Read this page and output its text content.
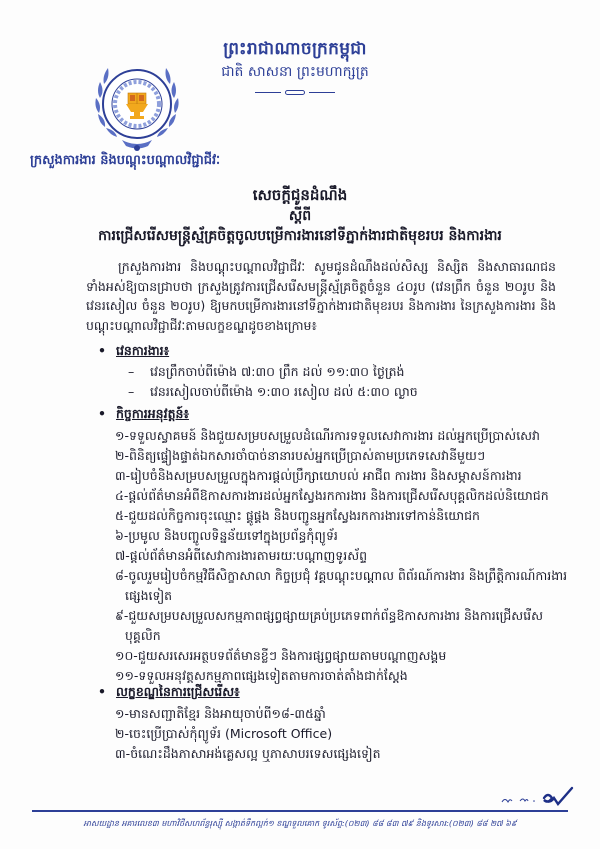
ព្រះរាជាណាចក្រកម្ពុជា
ជាតិ សាសនា ព្រះមហាក្សត្រ
ក្រសួងការងារ និងបណ្តុះបណ្តាលវិជ្ជាជីវៈ
សេចក្តីជូនដំណឹង
ស្តីពី
ការជ្រើសរើសមន្ត្រីស្ម័គ្រចិត្តចូលបម្រើការងារនៅទីភ្នាក់ងារជាតិមុខរបរ និងការងារ
ក្រសួងការងារ និងបណ្តុះបណ្តាលវិជ្ជាជីវៈ សូមជូនដំណឹងដល់សិស្ស និស្សិត និងសាធារណជនទាំងអស់ឱ្យបានជ្រាបថា ក្រសួងត្រូវការជ្រើសរើសមន្ត្រីស្ម័គ្រចិត្តចំនួន ៤០រូប (វេនព្រឹក ចំនួន ២០រូប និង វេនរសៀល ចំនួន ២០រូប) ឱ្យមកបម្រើការងារនៅទីភ្នាក់ងារជាតិមុខរបរ និងការងារ នៃក្រសួងការងារ និង បណ្តុះបណ្តាលវិជ្ជាជីវៈតាមលក្ខខណ្ឌដូចខាងក្រោម៖
• វេនការងារ៖
– វេនព្រឹកចាប់ពីម៉ោង ៧:៣០ ព្រឹក ដល់ ១១:៣០ ថ្ងៃត្រង់
– វេនរសៀលចាប់ពីម៉ោង ១:៣០ រសៀល ដល់ ៥:៣០ ល្ងាច
• កិច្ចការអនុវត្តន៍៖
១-ទទួលស្វាគមន៍ និងជួយសម្របសម្រួលដំណើរការទទួលសេវាការងារ ដល់អ្នកប្រើប្រាស់សេវា
២-ពិនិត្យផ្ទៀងផ្ទាត់ឯកសារចាំបាច់នានារបស់អ្នកប្រើប្រាស់តាមប្រភេទសេវានីមួយៗ
៣-រៀបចំនិងសម្របសម្រួលក្នុងការផ្តល់ប្រឹក្សាយោបល់ អាជីព ការងារ និងសម្ភាសន៍ការងារ
៤-ផ្តល់ព័ត៌មានអំពីឱកាសការងារដល់អ្នកស្វែងរកការងារ និងការជ្រើសរើសបុគ្គលិកដល់និយោជក
៥-ជួយដល់កិច្ចការចុះឈ្មោះ ផ្គូផ្គង និងបញ្ជូនអ្នកស្វែងរកការងារទៅកាន់និយោជក
៦-ប្រមូល និងបញ្ចូលទិន្នន័យទៅក្នុងប្រព័ន្ធកុំព្យូទ័រ
៧-ផ្តល់ព័ត៌មានអំពីសេវាការងារតាមរយៈបណ្តាញទូរស័ព្ទ
៨-ចូលរួមរៀបចំកម្មវិធីសិក្ខាសាលា កិច្ចប្រជុំ វគ្គបណ្តុះបណ្តាល ពិព័រណ៍ការងារ និងព្រឹត្តិការណ៍ការងារផ្សេងទៀត
៩-ជួយសម្របសម្រួលសកម្មភាពផ្សព្វផ្សាយគ្រប់ប្រភេទពាក់ព័ន្ធឱកាសការងារ និងការជ្រើសរើសបុគ្គលិក
១០-ជួយសរសេរអត្ថបទព័ត៌មានខ្លីៗ និងការផ្សព្វផ្សាយតាមបណ្តាញសង្គម
១១-ទទួលអនុវត្តសកម្មភាពផ្សេងទៀតតាមការចាត់តាំងជាក់ស្តែង
• លក្ខខណ្ឌនៃការជ្រើសរើស៖
១-មានសញ្ជាតិខ្មែរ និងអាយុចាប់ពី១៨-៣៥ឆ្នាំ
២-ចេះប្រើប្រាស់កុំព្យូទ័រ (Microsoft Office)
៣-ចំណេះដឹងភាសាអង់គ្លេសល្អ ឬភាសាបរទេសផ្សេងទៀត
អាសយដ្ឋាន អគារលេខ៣ មហាវិថីសហព័ន្ធរុស្ស៊ី សង្កាត់ទឹកល្អក់១ ខណ្ឌទួលគោក ទូរស័ព្ទ:(០២៣) ៨៨ ៨៣ ៧៩ និងទូរសារ:(០២៣) ៨៨ ២៧ ៦៩
